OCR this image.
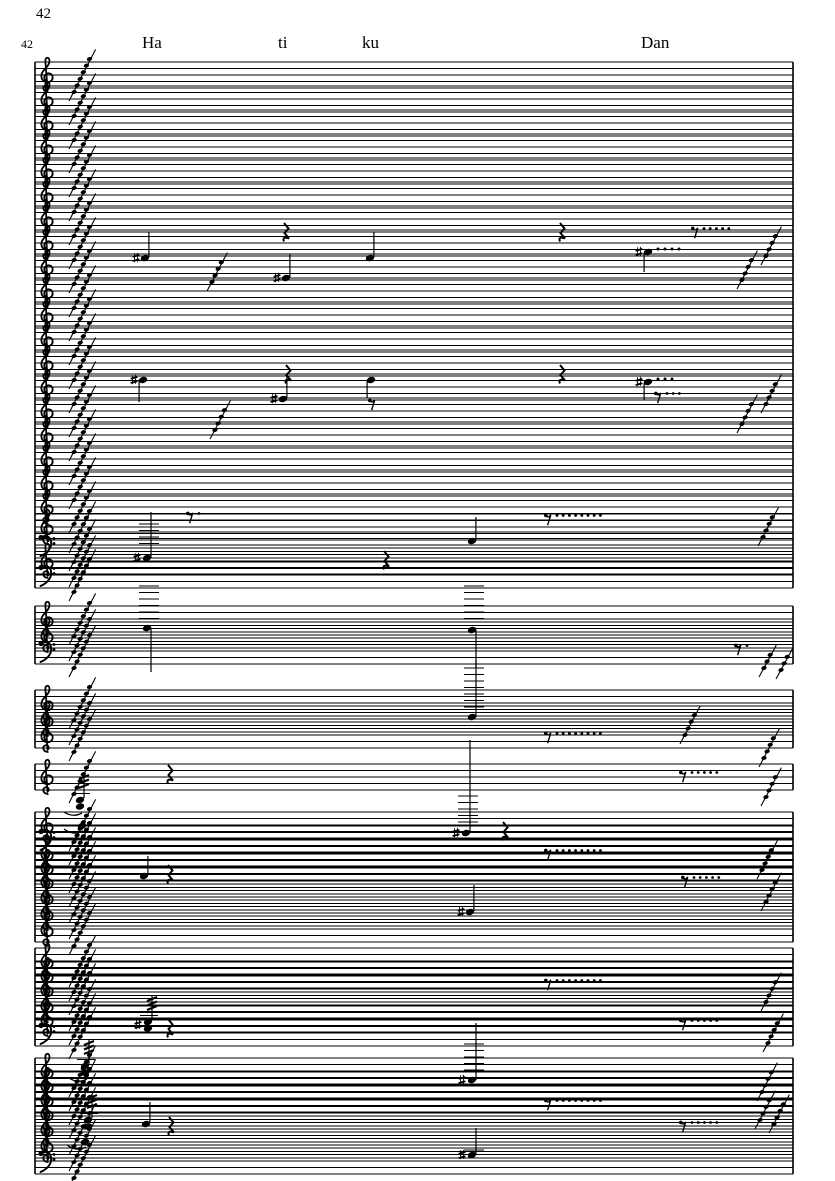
42
42	Ha	ti	ku	Dan
